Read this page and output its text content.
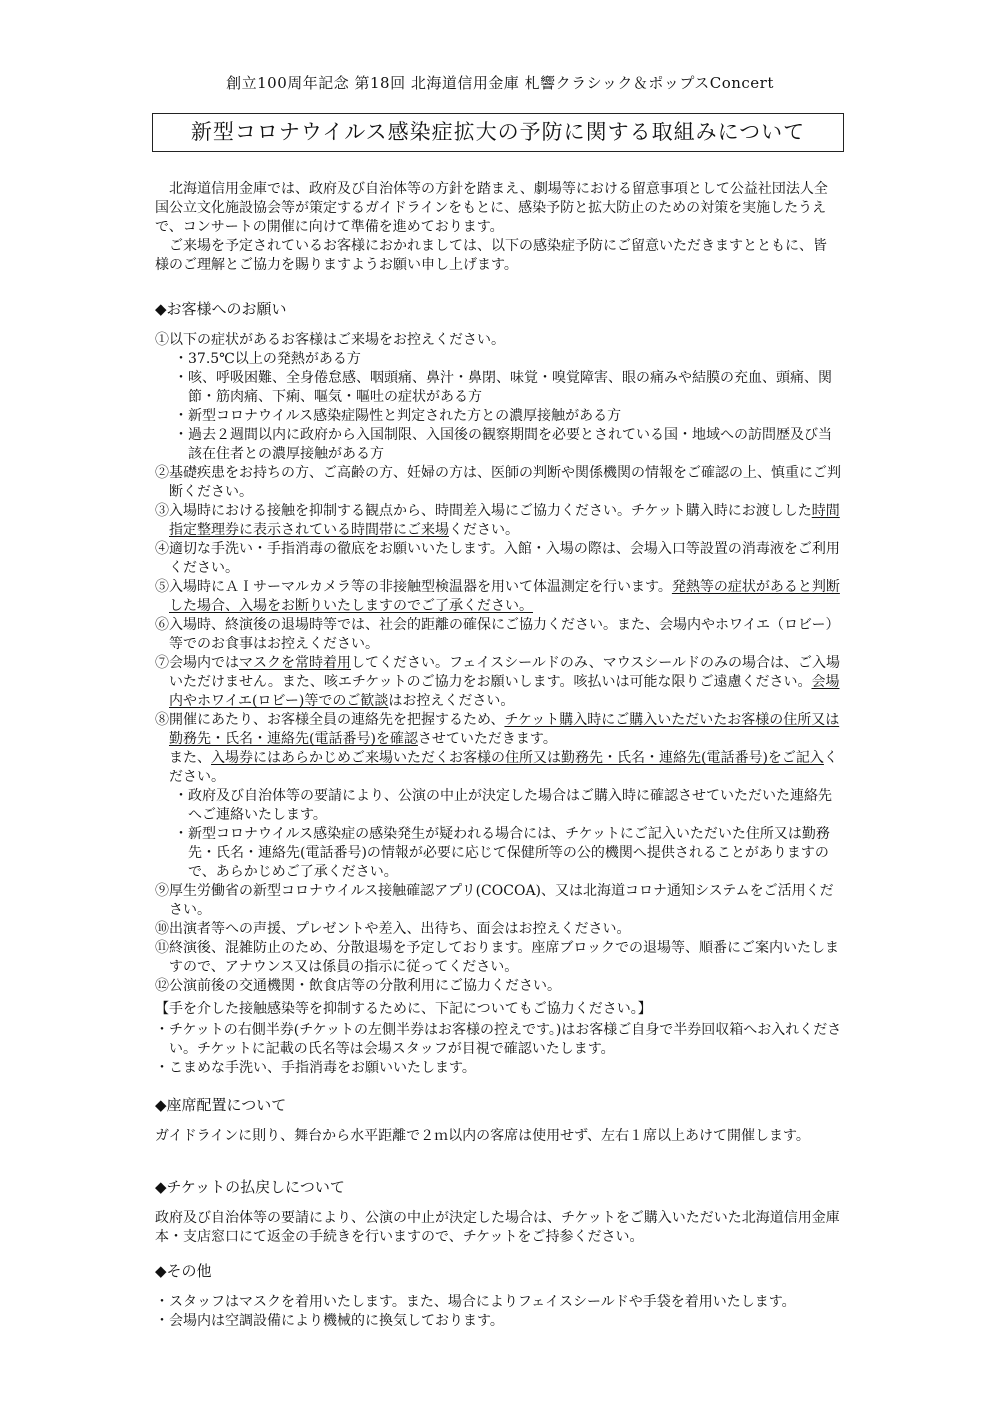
創立100周年記念 第18回 北海道信用金庫 札響クラシック＆ポップスConcert
新型コロナウイルス感染症拡大の予防に関する取組みについて

北海道信用金庫では、政府及び自治体等の方針を踏まえ、劇場等における留意事項として公益社団法人全国公立文化施設協会等が策定するガイドラインをもとに、感染予防と拡大防止のための対策を実施したうえで、コンサートの開催に向けて準備を進めております。

ご来場を予定されているお客様におかれましては、以下の感染症予防にご留意いただきますとともに、皆様のご理解とご協力を賜りますようお願い申し上げます。

◆お客様へのお願い

①以下の症状があるお客様はご来場をお控えください。

・37.5℃以上の発熱がある方

・咳、呼吸困難、全身倦怠感、咽頭痛、鼻汁・鼻閉、味覚・嗅覚障害、眼の痛みや結膜の充血、頭痛、関節・筋肉痛、下痢、嘔気・嘔吐の症状がある方

・新型コロナウイルス感染症陽性と判定された方との濃厚接触がある方

・過去２週間以内に政府から入国制限、入国後の観察期間を必要とされている国・地域への訪問歴及び当該在住者との濃厚接触がある方

②基礎疾患をお持ちの方、ご高齢の方、妊婦の方は、医師の判断や関係機関の情報をご確認の上、慎重にご判断ください。

③入場時における接触を抑制する観点から、時間差入場にご協力ください。チケット購入時にお渡しした時間指定整理券に表示されている時間帯にご来場ください。

④適切な手洗い・手指消毒の徹底をお願いいたします。入館・入場の際は、会場入口等設置の消毒液をご利用ください。

⑤入場時にＡＩサーマルカメラ等の非接触型検温器を用いて体温測定を行います。発熱等の症状があると判断した場合、入場をお断りいたしますのでご了承ください。

⑥入場時、終演後の退場時等では、社会的距離の確保にご協力ください。また、会場内やホワイエ（ロビー）等でのお食事はお控えください。

⑦会場内ではマスクを常時着用してください。フェイスシールドのみ、マウスシールドのみの場合は、ご入場いただけません。また、咳エチケットのご協力をお願いします。咳払いは可能な限りご遠慮ください。会場内やホワイエ(ロビー)等でのご歓談はお控えください。

⑧開催にあたり、お客様全員の連絡先を把握するため、チケット購入時にご購入いただいたお客様の住所又は勤務先・氏名・連絡先(電話番号)を確認させていただきます。

また、入場券にはあらかじめご来場いただくお客様の住所又は勤務先・氏名・連絡先(電話番号)をご記入ください。

・政府及び自治体等の要請により、公演の中止が決定した場合はご購入時に確認させていただいた連絡先へご連絡いたします。

・新型コロナウイルス感染症の感染発生が疑われる場合には、チケットにご記入いただいた住所又は勤務先・氏名・連絡先(電話番号)の情報が必要に応じて保健所等の公的機関へ提供されることがありますので、あらかじめご了承ください。

⑨厚生労働省の新型コロナウイルス接触確認アプリ(COCOA)、又は北海道コロナ通知システムをご活用ください。

⑩出演者等への声援、プレゼントや差入、出待ち、面会はお控えください。

⑪終演後、混雑防止のため、分散退場を予定しております。座席ブロックでの退場等、順番にご案内いたしますので、アナウンス又は係員の指示に従ってください。

⑫公演前後の交通機関・飲食店等の分散利用にご協力ください。

【手を介した接触感染等を抑制するために、下記についてもご協力ください。】

・チケットの右側半券(チケットの左側半券はお客様の控えです。)はお客様ご自身で半券回収箱へお入れください。チケットに記載の氏名等は会場スタッフが目視で確認いたします。

・こまめな手洗い、手指消毒をお願いいたします。

◆座席配置について

ガイドラインに則り、舞台から水平距離で２ｍ以内の客席は使用せず、左右１席以上あけて開催します。

◆チケットの払戻しについて

政府及び自治体等の要請により、公演の中止が決定した場合は、チケットをご購入いただいた北海道信用金庫本・支店窓口にて返金の手続きを行いますので、チケットをご持参ください。

◆その他

・スタッフはマスクを着用いたします。また、場合によりフェイスシールドや手袋を着用いたします。

・会場内は空調設備により機械的に換気しております。
